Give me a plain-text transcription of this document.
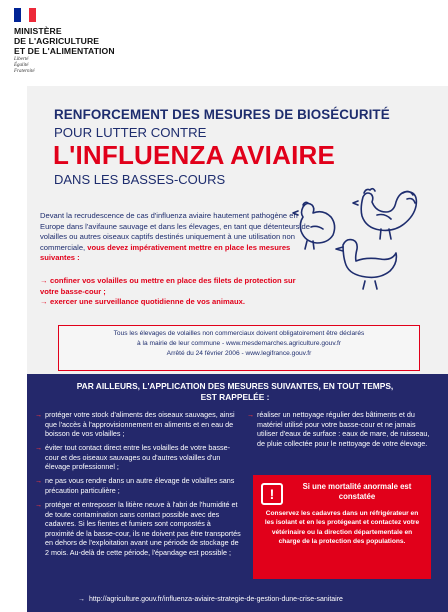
MINISTÈRE
DE L'AGRICULTURE
ET DE L'ALIMENTATION
Liberté
Égalité
Fraternité
RENFORCEMENT DES MESURES DE BIOSÉCURITÉ
POUR LUTTER CONTRE
L'INFLUENZA AVIAIRE
DANS LES BASSES-COURS
Devant la recrudescence de cas d'influenza aviaire hautement pathogène en Europe dans l'avifaune sauvage et dans les élevages, en tant que détenteurs de volailles ou autres oiseaux captifs destinés uniquement à une utilisation non commerciale, vous devez impérativement mettre en place les mesures suivantes :
→ confiner vos volailles ou mettre en place des filets de protection sur votre basse-cour ;
→ exercer une surveillance quotidienne de vos animaux.
Tous les élevages de volailles non commerciaux doivent obligatoirement être déclarés
à la mairie de leur commune - www.mesdemarches.agriculture.gouv.fr
Arrêté du 24 février 2006 - www.legifrance.gouv.fr
PAR AILLEURS, L'APPLICATION DES MESURES SUIVANTES, EN TOUT TEMPS,
EST RAPPELÉE :
→ protéger votre stock d'aliments des oiseaux sauvages, ainsi que l'accès à l'approvisionnement en aliments et en eau de boisson de vos volailles ;
→ éviter tout contact direct entre les volailles de votre basse-cour et des oiseaux sauvages ou d'autres volailles d'un élevage professionnel ;
→ ne pas vous rendre dans un autre élevage de volailles sans précaution particulière ;
→ protéger et entreposer la litière neuve à l'abri de l'humidité et de toute contamination sans contact possible avec des cadavres. Si les fientes et fumiers sont compostés à proximité de la basse-cour, ils ne doivent pas être transportés en dehors de l'exploitation avant une période de stockage de 2 mois. Au-delà de cette période, l'épandage est possible ;
→ réaliser un nettoyage régulier des bâtiments et du matériel utilisé pour votre basse-cour et ne jamais utiliser d'eaux de surface : eaux de mare, de ruisseau, de pluie collectée pour le nettoyage de votre élevage.
!	Si une mortalité anormale est constatée
Conservez les cadavres dans un réfrigérateur en les isolant et en les protégeant et contactez votre vétérinaire ou la direction départementale en charge de la protection des populations.
→ http://agriculture.gouv.fr/influenza-aviaire-strategie-de-gestion-dune-crise-sanitaire
